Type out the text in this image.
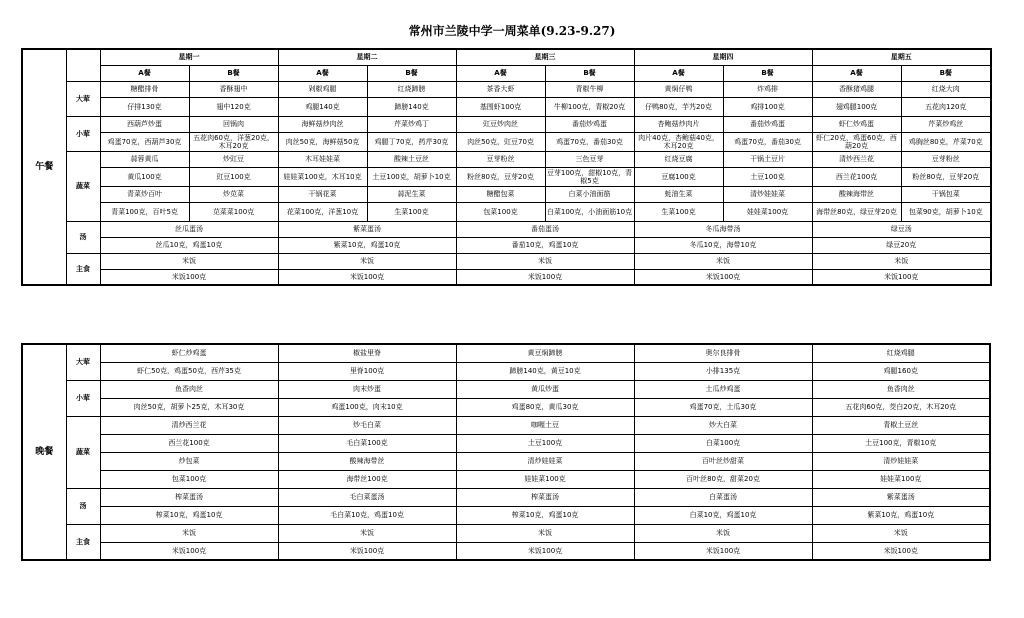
常州市兰陵中学一周菜单(9.23-9.27)
午餐		星期一		星期二		星期三		星期四		星期五	
		A餐	B餐	A餐	B餐	A餐	B餐	A餐	B餐	A餐	B餐
	大荤	糖醋排骨	香酥翅中	剁椒鸡腿	红烧蹄膀	茶香大虾	青椒牛柳	黄焖仔鸭	炸鸡排	香酥猪鸡腿	红烧大肉
		仔排130克	翅中120克	鸡腿140克	蹄膀140克	基围虾100克	牛柳100克，青椒20克	仔鸭80克，芋艿20克	鸡排100克	翅鸡腿100克	五花肉120克
	小荤	西葫芦炒蛋	回锅肉	海鲜菇炒肉丝	芹菜炒鸡丁	豇豆炒肉丝	番茄炒鸡蛋	杏鲍菇炒肉片	番茄炒鸡蛋	虾仁炒鸡蛋	芹菜炒鸡丝
		鸡蛋70克，西葫芦30克	五花肉60克，洋葱20克，木耳20克	肉丝50克，海鲜菇50克	鸡腿丁70克，药芹30克	肉丝50克，豇豆70克	鸡蛋70克，番茄30克	肉片40克，杏鲍菇40克，木耳20克	鸡蛋70克，番茄30克	虾仁20克，鸡蛋60克，西葫20克	鸡胸丝80克，芹菜70克
	蔬菜	蒜蓉黄瓜	炒豇豆	木耳娃娃菜	酸辣土豆丝	豆芽粉丝	三色豆芽	红烧豆腐	干锅土豆片	清炒西兰花	豆芽粉丝
		黄瓜100克	豇豆100克	娃娃菜100克，木耳10克	土豆100克，胡萝卜10克	粉丝80克，豆芽20克	豆芽100克，甜椒10克，青椒5克	豆腐100克	土豆100克	西兰花100克	粉丝80克，豆芽20克
		青菜炒百叶	炒苋菜	干锅花菜	蒜泥生菜	糖醋包菜	白菜小油面筋	蚝油生菜	清炒娃娃菜	酸辣海带丝	干锅包菜
		青菜100克，百叶5克	苋菜菜100克	花菜100克，洋葱10克	生菜100克	包菜100克	白菜100克，小油面筋10克	生菜100克	娃娃菜100克	海带丝80克，绿豆芽20克	包菜90克，胡萝卜10克
	汤	丝瓜蛋汤		紫菜蛋汤		番茄蛋汤		冬瓜海带汤		绿豆汤	
		丝瓜10克，鸡蛋10克		紫菜10克，鸡蛋10克		番茄10克，鸡蛋10克		冬瓜10克，海带10克		绿豆20克	
	主食	米饭		米饭		米饭		米饭		米饭	
		米饭100克		米饭100克		米饭100克		米饭100克		米饭100克	
晚餐	大荤	虾仁炒鸡蛋	椒盐里脊	黄豆焖蹄膀	奥尔良排骨	红烧鸡腿
		虾仁50克，鸡蛋50克，西芹35克	里脊100克	蹄膀140克，黄豆10克	小排135克	鸡腿160克
	小荤	鱼香肉丝	肉末炒蛋	黄瓜炒蛋	土瓜炒鸡蛋	鱼香肉丝
		肉丝50克，胡萝卜25克，木耳30克	鸡蛋100克，肉末10克	鸡蛋80克，黄瓜30克	鸡蛋70克，土瓜30克	五花肉60克，茭白20克，木耳20克
	蔬菜	清炒西兰花	炒毛白菜	咖喱土豆	炒大白菜	青椒土豆丝
		西兰花100克	毛白菜100克	土豆100克	白菜100克	土豆100克，青椒10克
		炒包菜	酸辣海带丝	清炒娃娃菜	百叶丝炒甜菜	清炒娃娃菜
		包菜100克	海带丝100克	娃娃菜100克	百叶丝80克，甜菜20克	娃娃菜100克
	汤	榨菜蛋汤	毛白菜蛋汤	榨菜蛋汤	白菜蛋汤	紫菜蛋汤
		榨菜10克，鸡蛋10克	毛白菜10克，鸡蛋10克	榨菜10克，鸡蛋10克	白菜10克，鸡蛋10克	紫菜10克，鸡蛋10克
	主食	米饭	米饭	米饭	米饭	米饭
		米饭100克	米饭100克	米饭100克	米饭100克	米饭100克
